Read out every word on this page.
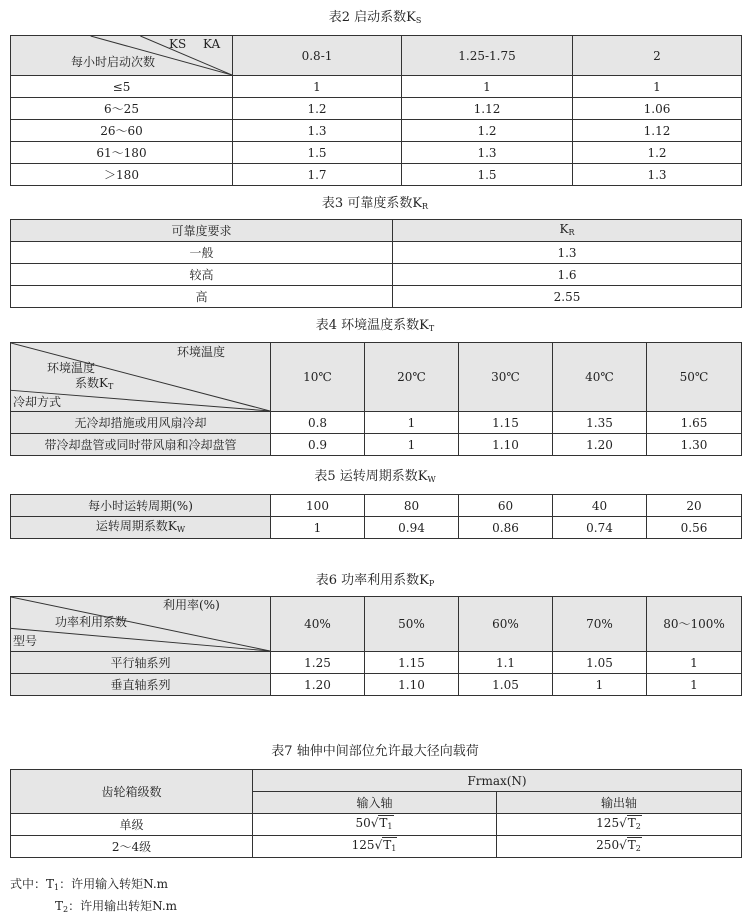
表2 启动系数$K_S$
KS KA
每小时启动次数	0.8-1	1.25-1.75	2
≤5	1	1	1
6～25	1.2	1.12	1.06
26～60	1.3	1.2	1.12
61～180	1.5	1.3	1.2
＞180	1.7	1.5	1.3
表3 可靠度系数$K_R$
可靠度要求	$K_R$
一般	1.3
较高	1.6
高	2.55
表4 环境温度系数$K_T$
环境温度
环境温度
系数$K_T$
冷却方式	10℃	20℃	30℃	40℃	50℃
无冷却措施或用风扇冷却	0.8	1	1.15	1.35	1.65
带冷却盘管或同时带风扇和冷却盘管	0.9	1	1.10	1.20	1.30
表5 运转周期系数$K_W$
每小时运转周期(%)	100	80	60	40	20
运转周期系数$K_W$	1	0.94	0.86	0.74	0.56
表6 功率利用系数$K_P$
利用率(%)
功率利用系数
型号	40%	50%	60%	70%	80～100%
平行轴系列	1.25	1.15	1.1	1.05	1
垂直轴系列	1.20	1.10	1.05	1	1
表7 轴伸中间部位允许最大径向载荷
齿轮箱级数	Frmax(N)	
	输入轴	输出轴
单级	$50√T_1$	$125√T_2$
2～4级	$125√T_1$	$250√T_2$
式中：$T_1$：许用输入转矩N.m
$T_2$：许用输出转矩N.m
